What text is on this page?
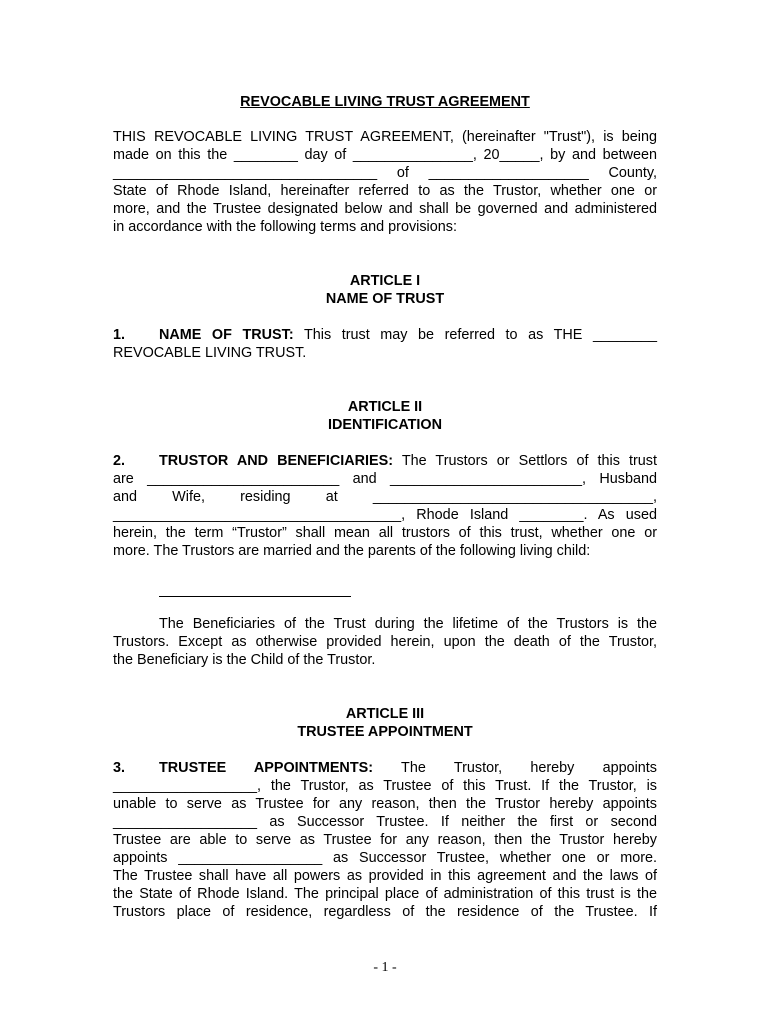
REVOCABLE LIVING TRUST AGREEMENT

THIS REVOCABLE LIVING TRUST AGREEMENT, (hereinafter "Trust"), is being
made on this the ________ day of _______________, 20_____, by and between
_________________________________ of ____________________ County,
State of Rhode Island, hereinafter referred to as the Trustor, whether one or
more, and the Trustee designated below and shall be governed and administered
in accordance with the following terms and provisions:

ARTICLE I

NAME OF TRUST

1. NAME OF TRUST: This trust may be referred to as THE ________
REVOCABLE LIVING TRUST.

ARTICLE II

IDENTIFICATION

2. TRUSTOR AND BENEFICIARIES: The Trustors or Settlors of this trust
are ________________________ and ________________________, Husband
and Wife, residing at ___________________________________,
____________________________________, Rhode Island ________. As used
herein, the term “Trustor” shall mean all trustors of this trust, whether one or
more. The Trustors are married and the parents of the following living child:
The Beneficiaries of the Trust during the lifetime of the Trustors is the
Trustors. Except as otherwise provided herein, upon the death of the Trustor,
the Beneficiary is the Child of the Trustor.

ARTICLE III

TRUSTEE APPOINTMENT

3. TRUSTEE APPOINTMENTS: The Trustor, hereby appoints
__________________, the Trustor, as Trustee of this Trust. If the Trustor, is
unable to serve as Trustee for any reason, then the Trustor hereby appoints
__________________ as Successor Trustee. If neither the first or second
Trustee are able to serve as Trustee for any reason, then the Trustor hereby
appoints __________________ as Successor Trustee, whether one or more.
The Trustee shall have all powers as provided in this agreement and the laws of
the State of Rhode Island. The principal place of administration of this trust is the
Trustors place of residence, regardless of the residence of the Trustee. If
- 1 -
